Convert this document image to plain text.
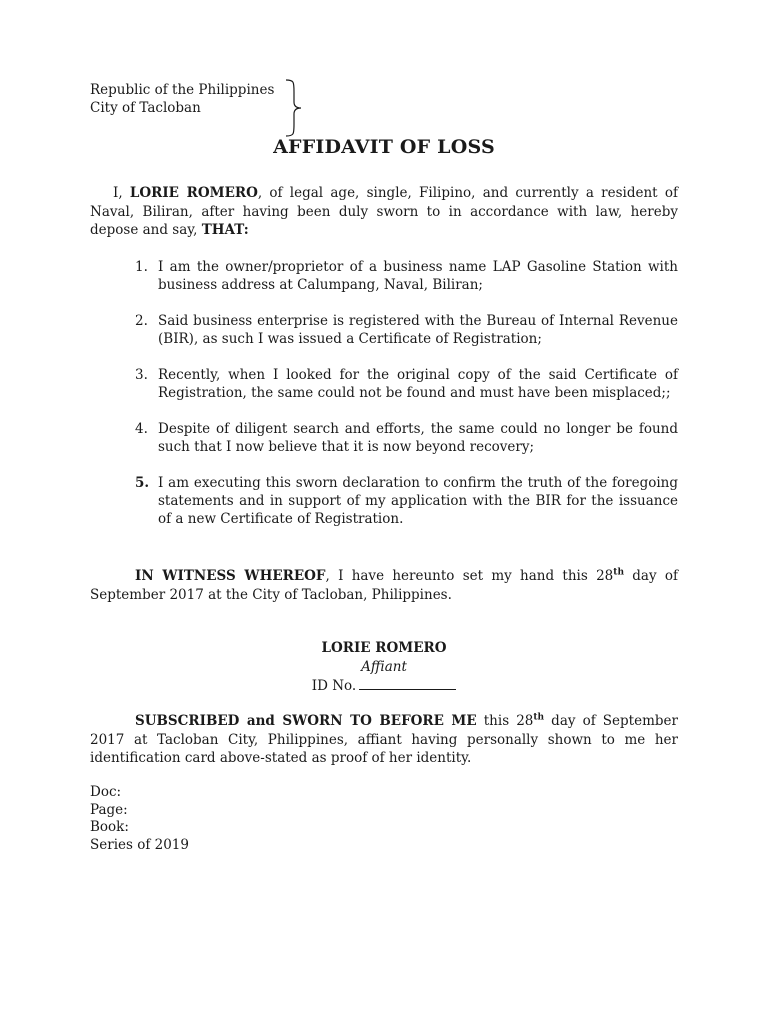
Republic of the Philippines
City of Tacloban
AFFIDAVIT OF LOSS
I, LORIE ROMERO, of legal age, single, Filipino, and currently a resident of Naval, Biliran, after having been duly sworn to in accordance with law, hereby depose and say, THAT:
1. I am the owner/proprietor of a business name LAP Gasoline Station with business address at Calumpang, Naval, Biliran;
2. Said business enterprise is registered with the Bureau of Internal Revenue (BIR), as such I was issued a Certificate of Registration;
3. Recently, when I looked for the original copy of the said Certificate of Registration, the same could not be found and must have been misplaced;;
4. Despite of diligent search and efforts, the same could no longer be found such that I now believe that it is now beyond recovery;
5. I am executing this sworn declaration to confirm the truth of the foregoing statements and in support of my application with the BIR for the issuance of a new Certificate of Registration.
IN WITNESS WHEREOF, I have hereunto set my hand this 28th day of September 2017 at the City of Tacloban, Philippines.
LORIE ROMERO
Affiant
ID No.
SUBSCRIBED and SWORN TO BEFORE ME this 28th day of September 2017 at Tacloban City, Philippines, affiant having personally shown to me her identification card above-stated as proof of her identity.
Doc:
Page:
Book:
Series of 2019
